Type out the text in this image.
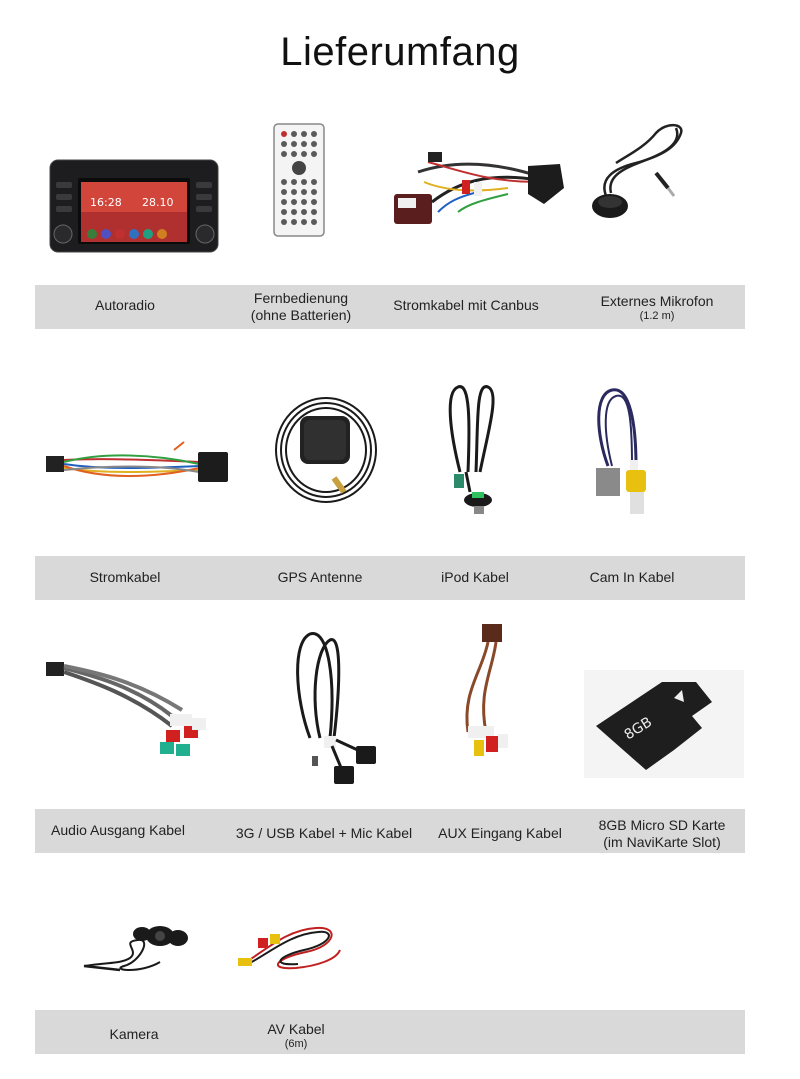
Lieferumfang
16:28 28.10
Autoradio	Fernbedienung
(ohne Batterien)
Stromkabel mit Canbus	Externes Mikrofon
(1.2 m)
Stromkabel	GPS Antenne	iPod Kabel	Cam In Kabel
8GB
Audio Ausgang Kabel	3G / USB Kabel + Mic Kabel	AUX Eingang Kabel	8GB Micro SD Karte
(im NaviKarte Slot)
Kamera	AV Kabel
(6m)
